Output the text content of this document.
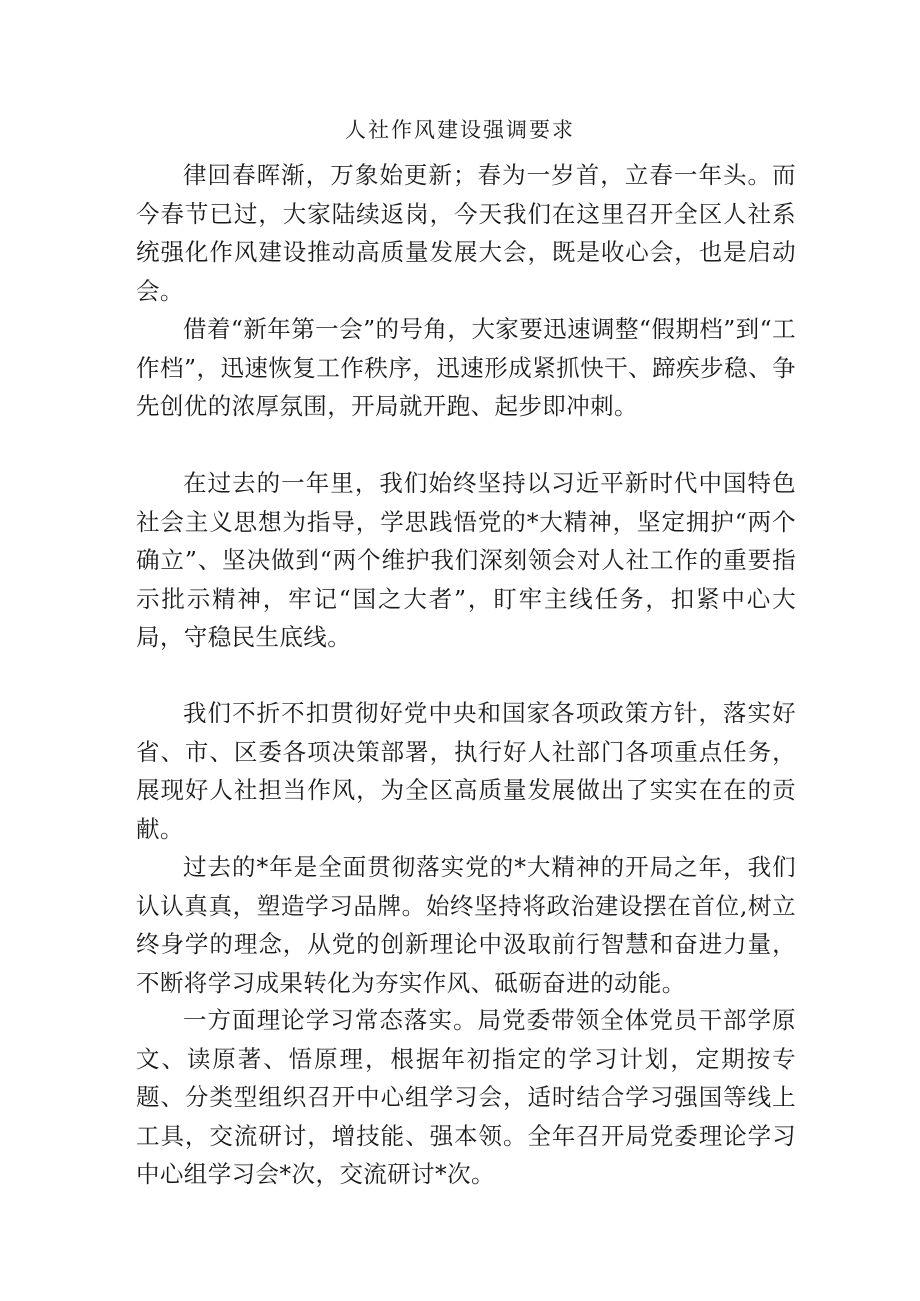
人社作风建设强调要求

律回春晖渐，万象始更新；春为一岁首，立春一年头。而今春节已过，大家陆续返岗，今天我们在这里召开全区人社系统强化作风建设推动高质量发展大会，既是收心会，也是启动会。

借着“新年第一会”的号角，大家要迅速调整“假期档”到“工作档”，迅速恢复工作秩序，迅速形成紧抓快干、蹄疾步稳、争先创优的浓厚氛围，开局就开跑、起步即冲刺。

在过去的一年里，我们始终坚持以习近平新时代中国特色社会主义思想为指导，学思践悟党的*大精神，坚定拥护“两个确立”、坚决做到“两个维护我们深刻领会对人社工作的重要指示批示精神，牢记“国之大者”，盯牢主线任务，扣紧中心大局，守稳民生底线。

我们不折不扣贯彻好党中央和国家各项政策方针，落实好省、市、区委各项决策部署，执行好人社部门各项重点任务，展现好人社担当作风，为全区高质量发展做出了实实在在的贡献。

过去的*年是全面贯彻落实党的*大精神的开局之年，我们认认真真，塑造学习品牌。始终坚持将政治建设摆在首位,树立终身学的理念，从党的创新理论中汲取前行智慧和奋进力量，不断将学习成果转化为夯实作风、砥砺奋进的动能。

一方面理论学习常态落实。局党委带领全体党员干部学原文、读原著、悟原理，根据年初指定的学习计划，定期按专题、分类型组织召开中心组学习会，适时结合学习强国等线上工具，交流研讨，增技能、强本领。全年召开局党委理论学习中心组学习会*次，交流研讨*次。
